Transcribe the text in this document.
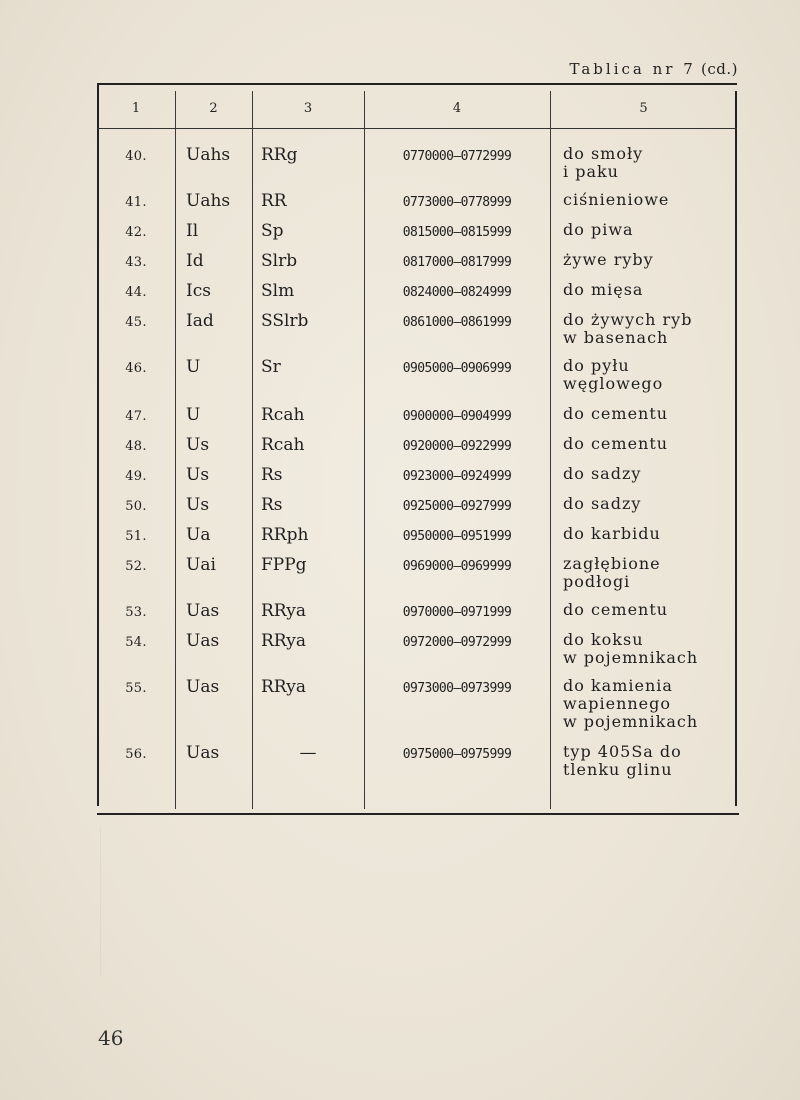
Tablica nr 7 (cd.)
1	2	3	4	5
40.	Uahs	RRg	0770000—0772999	do smoły
i paku
41.	Uahs	RR	0773000—0778999	ciśnieniowe
42.	Il	Sp	0815000—0815999	do piwa
43.	Id	Slrb	0817000—0817999	żywe ryby
44.	Ics	Slm	0824000—0824999	do mięsa
45.	Iad	SSlrb	0861000—0861999	do żywych ryb
w basenach
46.	U	Sr	0905000—0906999	do pyłu
węglowego
47.	U	Rcah	0900000—0904999	do cementu
48.	Us	Rcah	0920000—0922999	do cementu
49.	Us	Rs	0923000—0924999	do sadzy
50.	Us	Rs	0925000—0927999	do sadzy
51.	Ua	RRph	0950000—0951999	do karbidu
52.	Uai	FPPg	0969000—0969999	zagłębione
podłogi
53.	Uas	RRya	0970000—0971999	do cementu
54.	Uas	RRya	0972000—0972999	do koksu
w pojemnikach
55.	Uas	RRya	0973000—0973999	do kamienia
wapiennego
w pojemnikach
56.	Uas	—	0975000—0975999	typ 405Sa do
tlenku glinu
46
